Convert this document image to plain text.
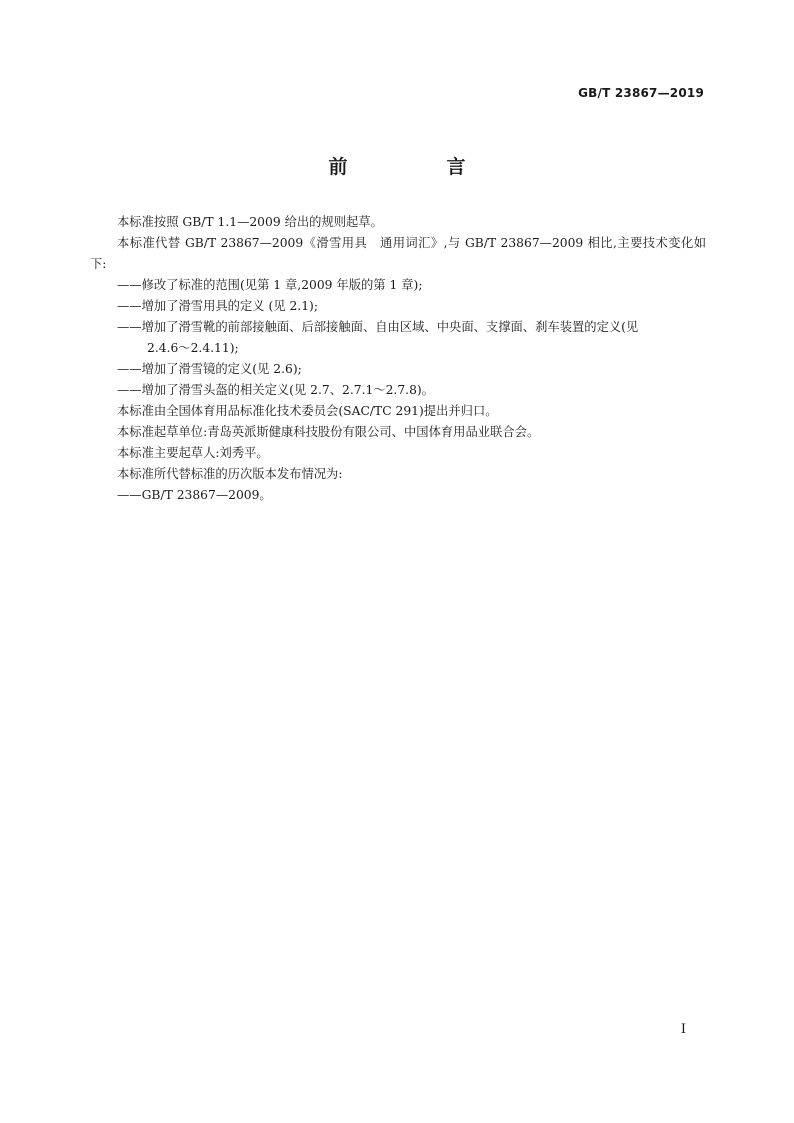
GB/T 23867—2019
前　言

本标准按照 GB/T 1.1—2009 给出的规则起草。

本标准代替 GB/T 23867—2009《滑雪用具　通用词汇》,与 GB/T 23867—2009 相比,主要技术变化如下:

——修改了标准的范围(见第 1 章,2009 年版的第 1 章);

——增加了滑雪用具的定义 (见 2.1);

——增加了滑雪靴的前部接触面、后部接触面、自由区域、中央面、支撑面、刹车装置的定义(见

2.4.6～2.4.11);

——增加了滑雪镜的定义(见 2.6);

——增加了滑雪头盔的相关定义(见 2.7、2.7.1～2.7.8)。

本标准由全国体育用品标准化技术委员会(SAC/TC 291)提出并归口。

本标准起草单位:青岛英派斯健康科技股份有限公司、中国体育用品业联合会。

本标准主要起草人:刘秀平。

本标准所代替标准的历次版本发布情况为:

——GB/T 23867—2009。

I
